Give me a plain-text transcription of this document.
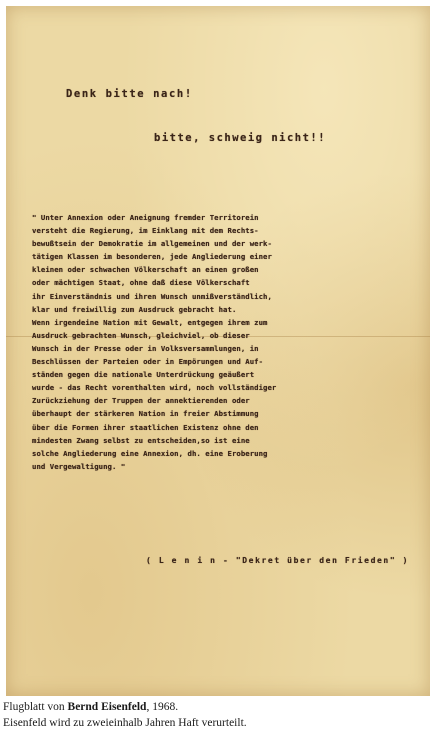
Denk bitte nach!

bitte, schweig nicht!!

" Unter Annexion oder Aneignung fremder Territorein
versteht die Regierung, im Einklang mit dem Rechts-
bewußtsein der Demokratie im allgemeinen und der werk-
tätigen Klassen im besonderen, jede Angliederung einer
kleinen oder schwachen Völkerschaft an einen großen
oder mächtigen Staat, ohne daß diese Völkerschaft
ihr Einverständnis und ihren Wunsch unmißverständlich,
klar und freiwillig zum Ausdruck gebracht hat.
Wenn irgendeine Nation mit Gewalt, entgegen ihrem zum
Ausdruck gebrachten Wunsch, gleichviel, ob dieser
Wunsch in der Presse oder in Volksversammlungen, in
Beschlüssen der Parteien oder in Empörungen und Auf-
ständen gegen die nationale Unterdrückung geäußert
wurde - das Recht vorenthalten wird, noch vollständiger
Zurückziehung der Truppen der annektierenden oder
überhaupt der stärkeren Nation in freier Abstimmung
über die Formen ihrer staatlichen Existenz ohne den
mindesten Zwang selbst zu entscheiden,so ist eine
solche Angliederung eine Annexion, dh. eine Eroberung
und Vergewaltigung. "

( L e n i n - "Dekret über den Frieden" )

Flugblatt von Bernd Eisenfeld, 1968.
Eisenfeld wird zu zweieinhalb Jahren Haft verurteilt.
